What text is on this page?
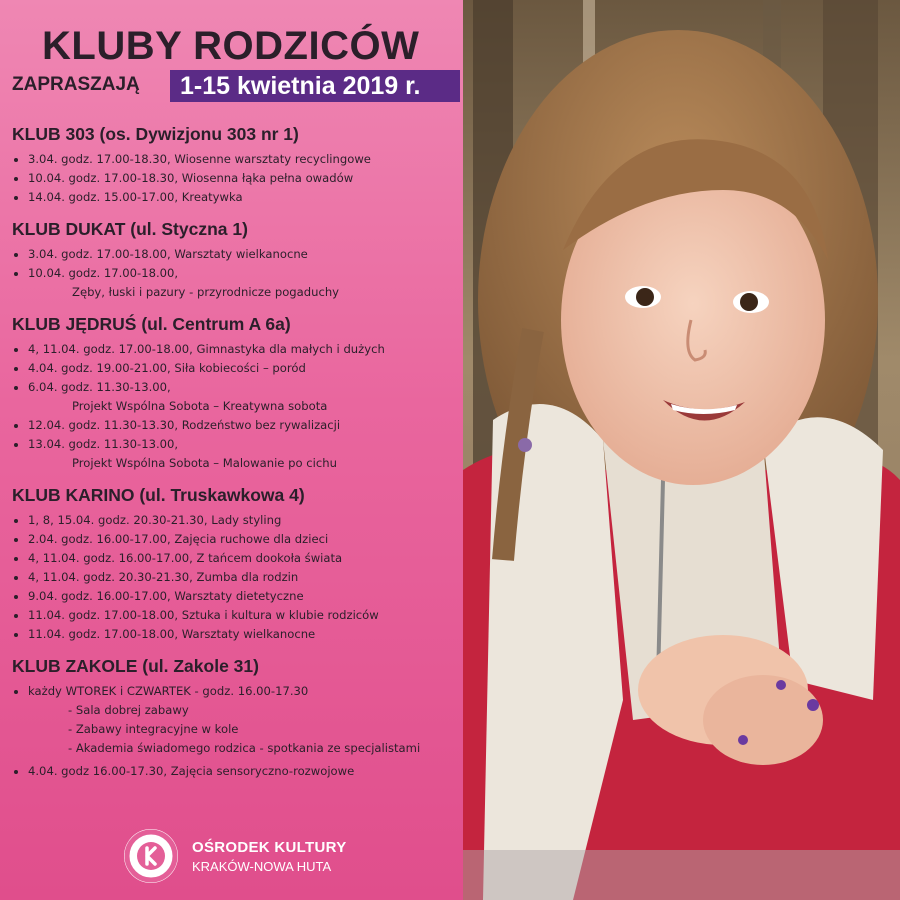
KLUBY RODZICÓW
ZAPRASZAJĄ	1-15 kwietnia 2019 r.
KLUB 303 (os. Dywizjonu 303 nr 1)
3.04. godz. 17.00-18.30, Wiosenne warsztaty recyclingowe
10.04. godz. 17.00-18.30, Wiosenna łąka pełna owadów
14.04. godz. 15.00-17.00, Kreatywka
KLUB DUKAT (ul. Styczna 1)
3.04. godz. 17.00-18.00, Warsztaty wielkanocne
10.04. godz. 17.00-18.00,
Zęby, łuski i pazury - przyrodnicze pogaduchy
KLUB JĘDRUŚ (ul. Centrum A 6a)
4, 11.04. godz. 17.00-18.00, Gimnastyka dla małych i dużych
4.04. godz. 19.00-21.00, Siła kobiecości – poród
6.04. godz. 11.30-13.00,
Projekt Wspólna Sobota – Kreatywna sobota
12.04. godz. 11.30-13.30, Rodzeństwo bez rywalizacji
13.04. godz. 11.30-13.00,
Projekt Wspólna Sobota – Malowanie po cichu
KLUB KARINO (ul. Truskawkowa 4)
1, 8, 15.04. godz. 20.30-21.30, Lady styling
2.04. godz. 16.00-17.00, Zajęcia ruchowe dla dzieci
4, 11.04. godz. 16.00-17.00, Z tańcem dookoła świata
4, 11.04. godz. 20.30-21.30, Zumba dla rodzin
9.04. godz. 16.00-17.00, Warsztaty dietetyczne
11.04. godz. 17.00-18.00, Sztuka i kultura w klubie rodziców
11.04. godz. 17.00-18.00, Warsztaty wielkanocne
KLUB ZAKOLE (ul. Zakole 31)
każdy WTOREK i CZWARTEK - godz. 16.00-17.30
- Sala dobrej zabawy
- Zabawy integracyjne w kole
- Akademia świadomego rodzica - spotkania ze specjalistami
4.04. godz 16.00-17.30, Zajęcia sensoryczno-rozwojowe
OŚRODEK KULTURY
KRAKÓW-NOWA HUTA
